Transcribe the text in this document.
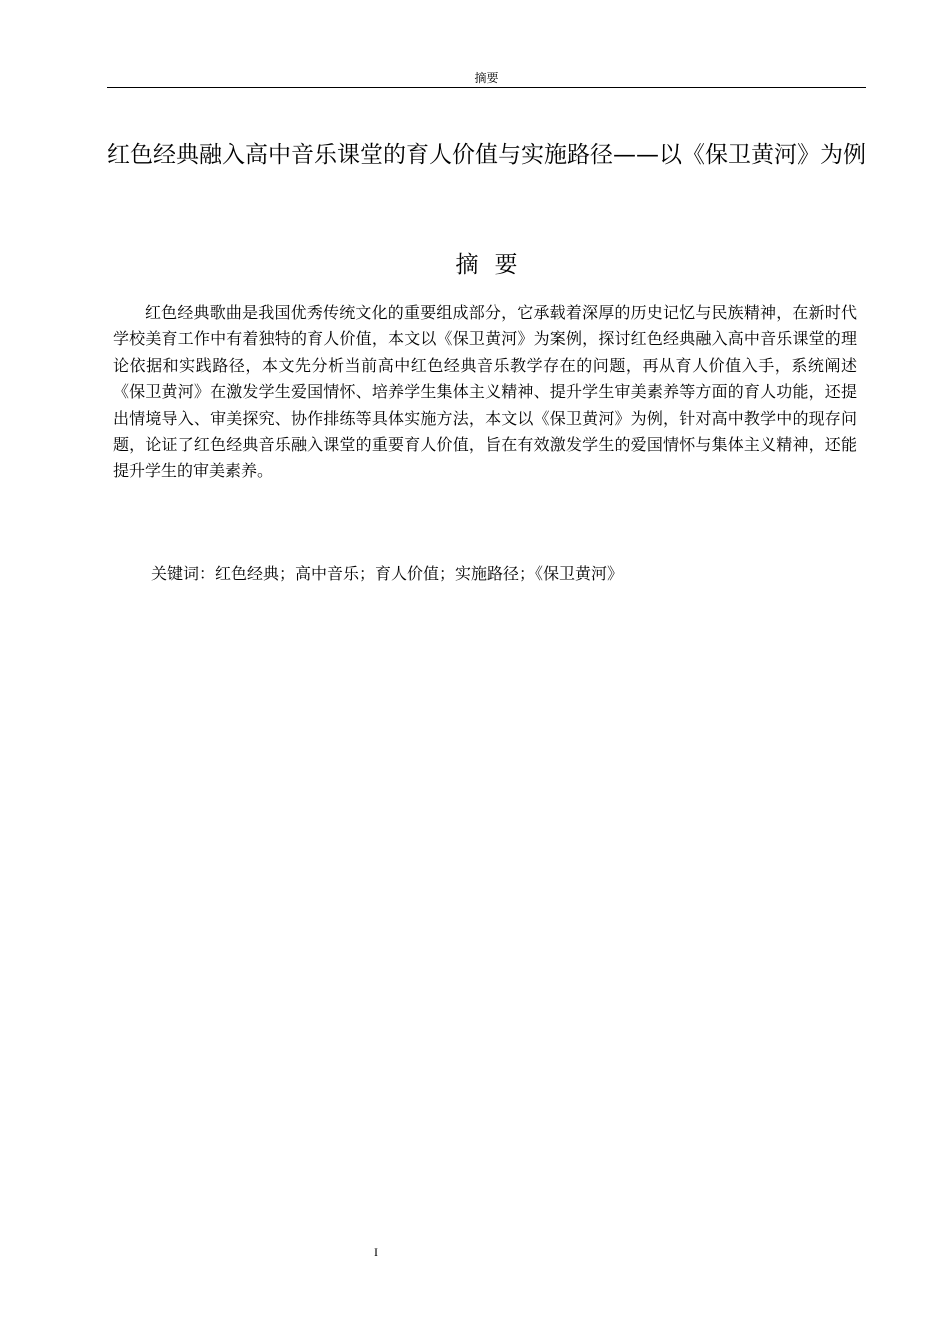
摘要
红色经典融入高中音乐课堂的育人价值与实施路径——以《保卫黄河》为例
摘要

红色经典歌曲是我国优秀传统文化的重要组成部分，它承载着深厚的历史记忆与民族精神，在新时代学校美育工作中有着独特的育人价值，本文以《保卫黄河》为案例，探讨红色经典融入高中音乐课堂的理论依据和实践路径，本文先分析当前高中红色经典音乐教学存在的问题，再从育人价值入手，系统阐述《保卫黄河》在激发学生爱国情怀、培养学生集体主义精神、提升学生审美素养等方面的育人功能，还提出情境导入、审美探究、协作排练等具体实施方法，本文以《保卫黄河》为例，针对高中教学中的现存问题，论证了红色经典音乐融入课堂的重要育人价值，旨在有效激发学生的爱国情怀与集体主义精神，还能提升学生的审美素养。

关键词：红色经典；高中音乐；育人价值；实施路径；《保卫黄河》

I
